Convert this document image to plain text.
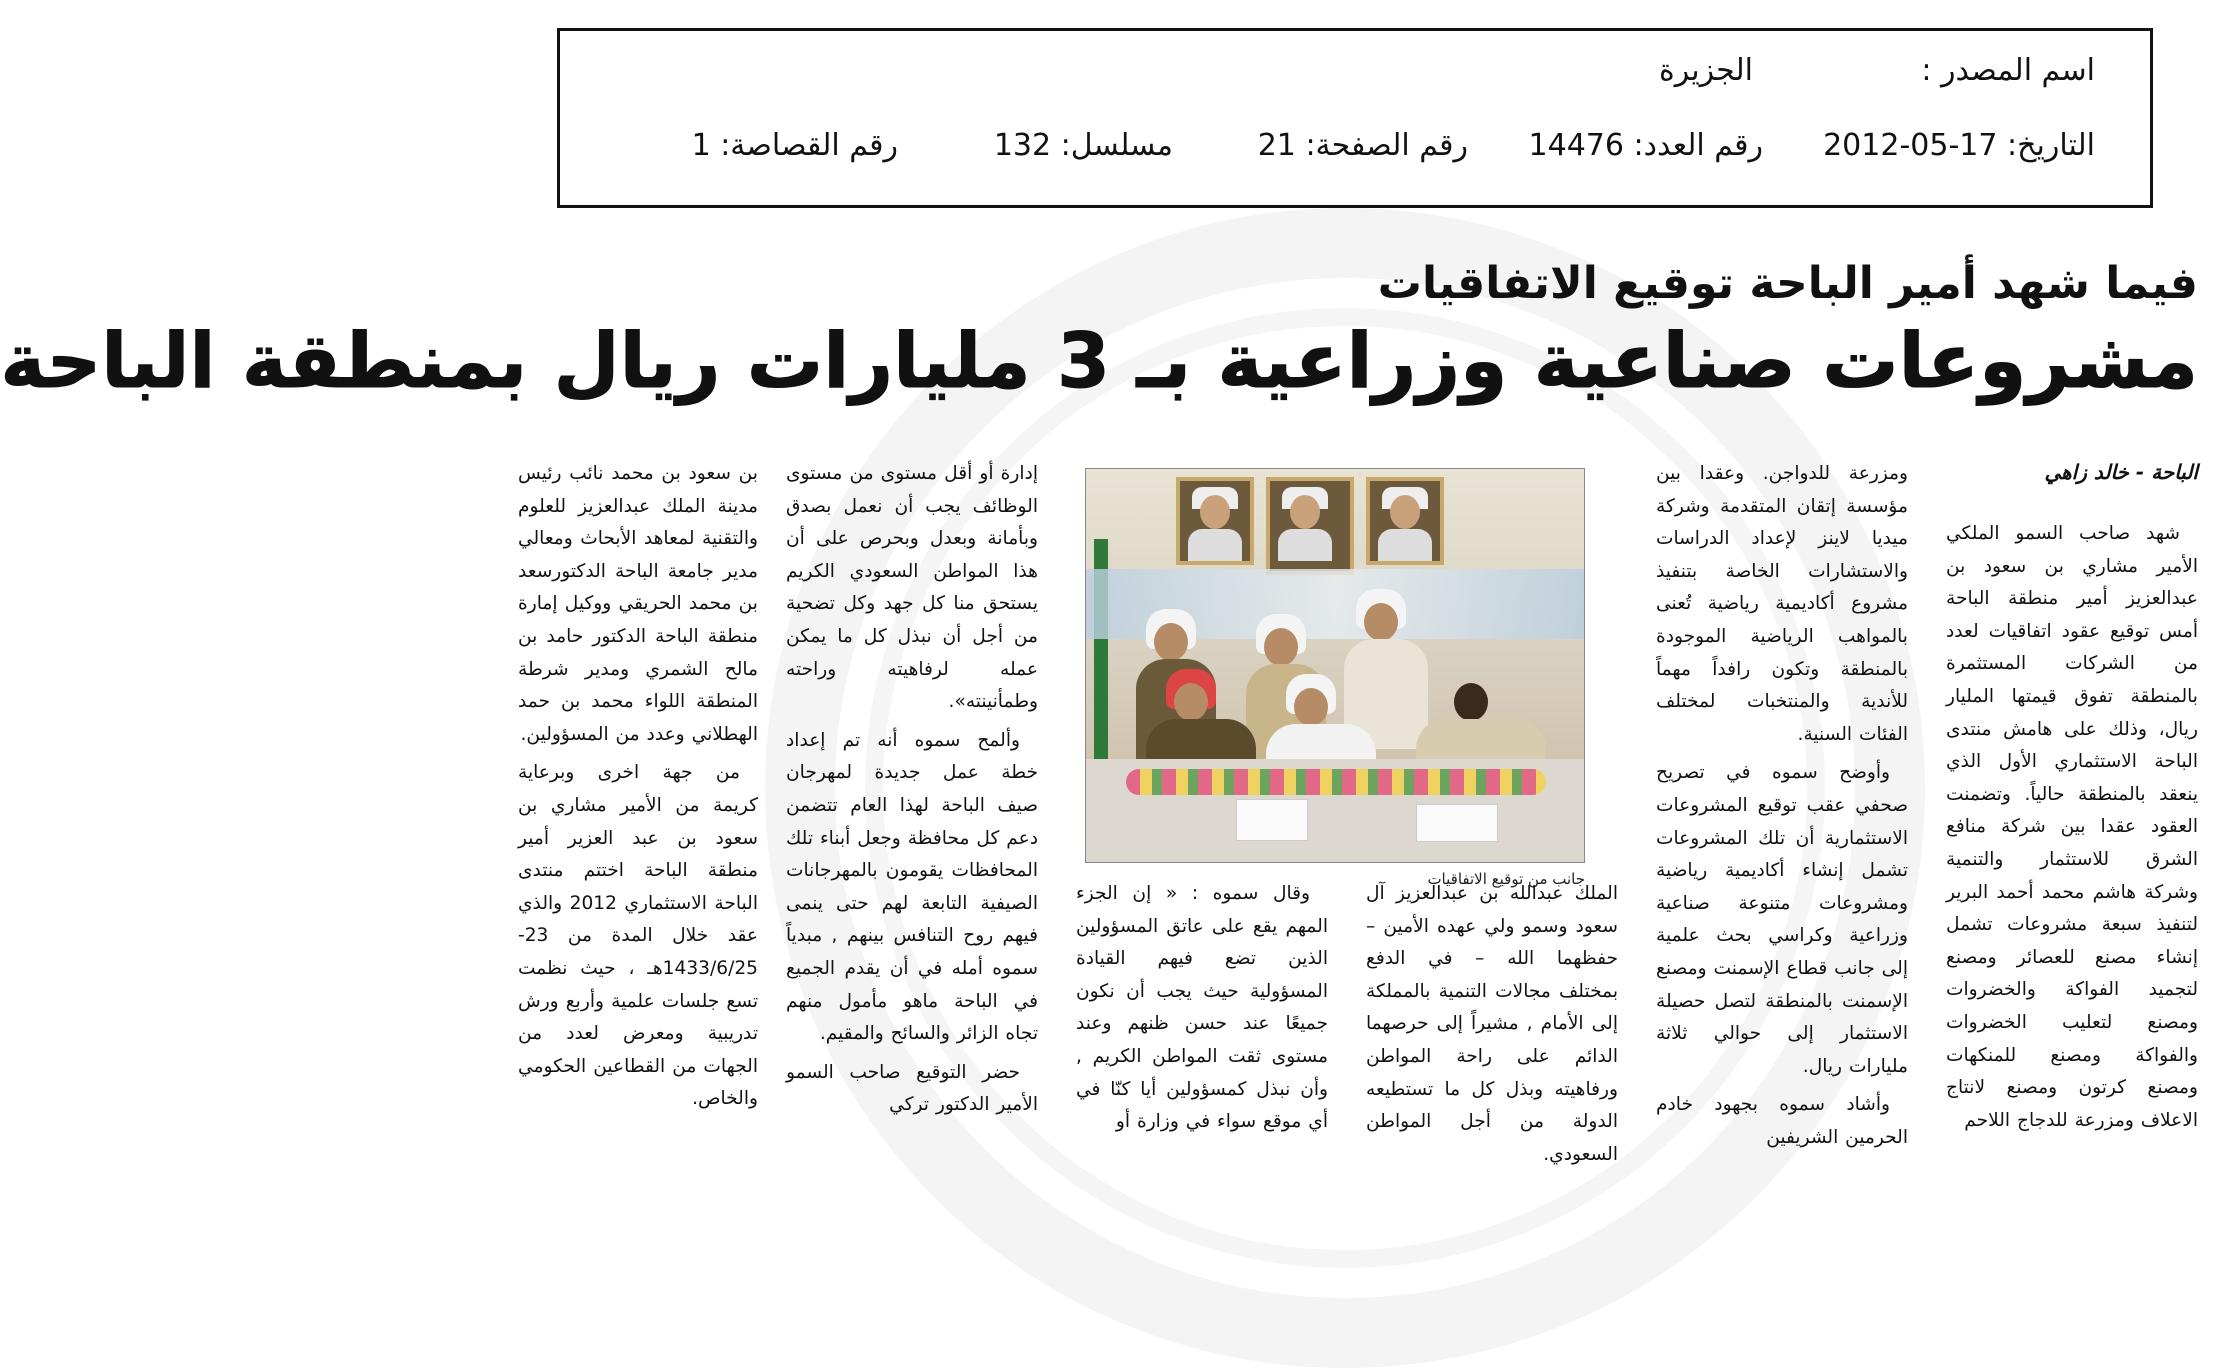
اسم المصدر :
الجزيرة
التاريخ: 17-05-2012
رقم العدد: 14476
رقم الصفحة: 21
مسلسل: 132
رقم القصاصة: 1
فيما شهد أمير الباحة توقيع الاتفاقيات
مشروعات صناعية وزراعية بـ 3 مليارات ريال بمنطقة الباحة
الباحة - خالد زاهي

شهد صاحب السمو الملكي الأمير مشاري بن سعود بن عبدالعزيز أمير منطقة الباحة أمس توقيع عقود اتفاقيات لعدد من الشركات المستثمرة بالمنطقة تفوق قيمتها المليار ريال، وذلك على هامش منتدى الباحة الاستثماري الأول الذي ينعقد بالمنطقة حالياً. وتضمنت العقود عقدا بين شركة منافع الشرق للاستثمار والتنمية وشركة هاشم محمد أحمد البرير لتنفيذ سبعة مشروعات تشمل إنشاء مصنع للعصائر ومصنع لتجميد الفواكة والخضروات ومصنع لتعليب الخضروات والفواكة ومصنع للمنكهات ومصنع كرتون ومصنع لانتاج الاعلاف ومزرعة للدجاج اللاحم

ومزرعة للدواجن. وعقدا بين مؤسسة إتقان المتقدمة وشركة ميديا لاينز لإعداد الدراسات والاستشارات الخاصة بتنفيذ مشروع أكاديمية رياضية تُعنى بالمواهب الرياضية الموجودة بالمنطقة وتكون رافداً مهماً للأندية والمنتخبات لمختلف الفئات السنية.

وأوضح سموه في تصريح صحفي عقب توقيع المشروعات الاستثمارية أن تلك المشروعات تشمل إنشاء أكاديمية رياضية ومشروعات متنوعة صناعية وزراعية وكراسي بحث علمية إلى جانب قطاع الإسمنت ومصنع الإسمنت بالمنطقة لتصل حصيلة الاستثمار إلى حوالي ثلاثة مليارات ريال.

وأشاد سموه بجهود خادم الحرمين الشريفين

جانب من توقيع الاتفاقيات

الملك عبدالله بن عبدالعزيز آل سعود وسمو ولي عهده الأمين – حفظهما الله – في الدفع بمختلف مجالات التنمية بالمملكة إلى الأمام , مشيراً إلى حرصهما الدائم على راحة المواطن ورفاهيته وبذل كل ما تستطيعه الدولة من أجل المواطن السعودي.

وقال سموه : « إن الجزء المهم يقع على عاتق المسؤولين الذين تضع فيهم القيادة المسؤولية حيث يجب أن نكون جميعًا عند حسن ظنهم وعند مستوى ثقت المواطن الكريم , وأن نبذل كمسؤولين أيا كنّا في أي موقع سواء في وزارة أو

إدارة أو أقل مستوى من مستوى الوظائف يجب أن نعمل بصدق وبأمانة وبعدل وبحرص على أن هذا المواطن السعودي الكريم يستحق منا كل جهد وكل تضحية من أجل أن نبذل كل ما يمكن عمله لرفاهيته وراحته وطمأنينته».

وألمح سموه أنه تم إعداد خطة عمل جديدة لمهرجان صيف الباحة لهذا العام تتضمن دعم كل محافظة وجعل أبناء تلك المحافظات يقومون بالمهرجانات الصيفية التابعة لهم حتى ينمى فيهم روح التنافس بينهم , مبدياً سموه أمله في أن يقدم الجميع في الباحة ماهو مأمول منهم تجاه الزائر والسائح والمقيم.

حضر التوقيع صاحب السمو الأمير الدكتور تركي

بن سعود بن محمد نائب رئيس مدينة الملك عبدالعزيز للعلوم والتقنية لمعاهد الأبحاث ومعالي مدير جامعة الباحة الدكتورسعد بن محمد الحريقي ووكيل إمارة منطقة الباحة الدكتور حامد بن مالح الشمري ومدير شرطة المنطقة اللواء محمد بن حمد الهطلاني وعدد من المسؤولين.

من جهة اخرى وبرعاية كريمة من الأمير مشاري بن سعود بن عبد العزير أمير منطقة الباحة اختتم منتدى الباحة الاستثماري 2012 والذي عقد خلال المدة من 23-1433/6/25هـ ، حيث نظمت تسع جلسات علمية وأربع ورش تدريبية ومعرض لعدد من الجهات من القطاعين الحكومي والخاص.
